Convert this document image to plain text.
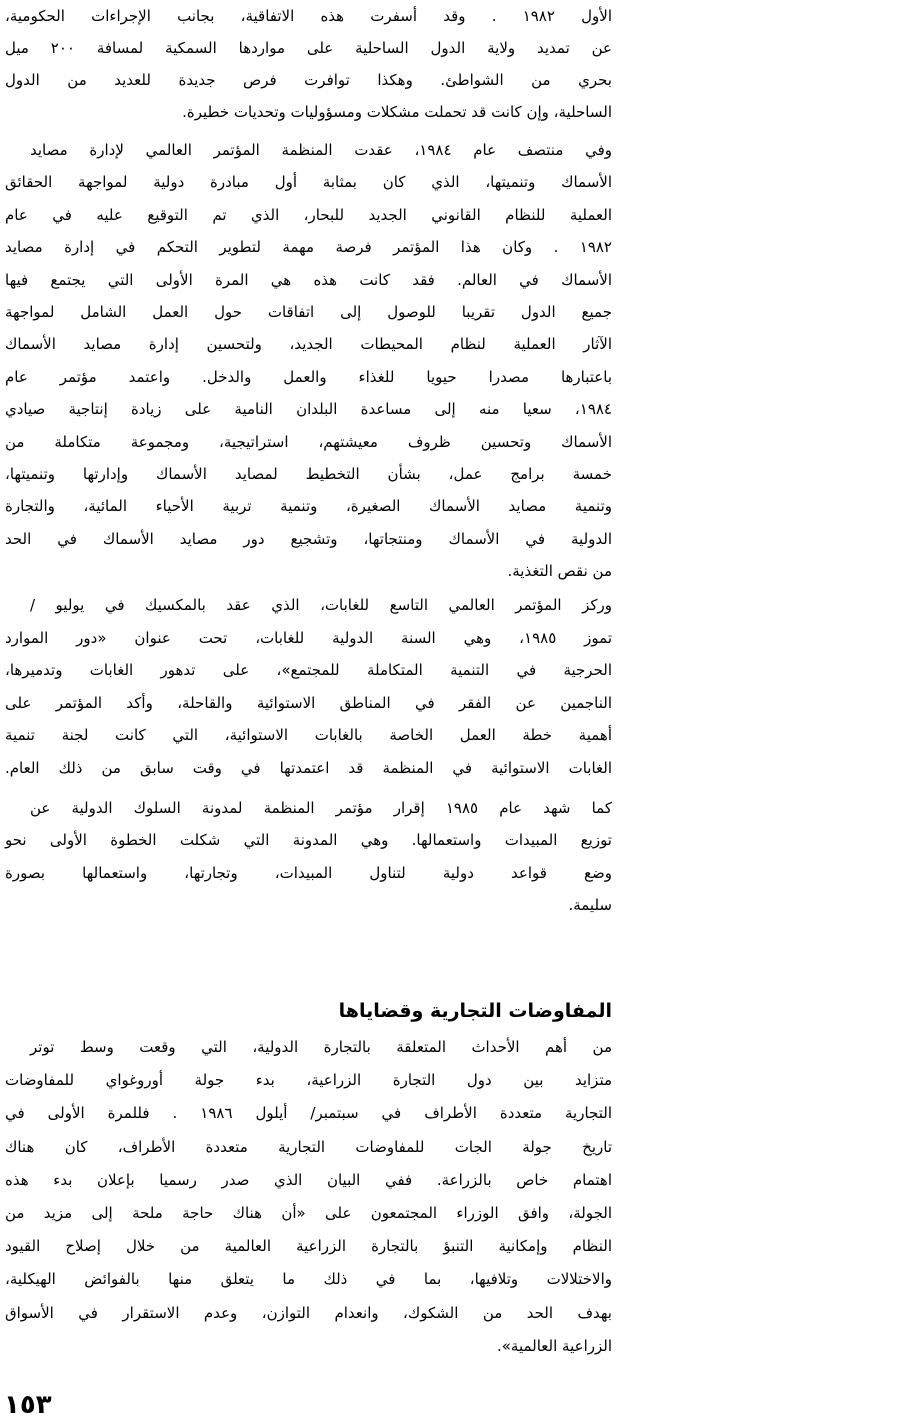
الأول ١٩٨٢ . وقد أسفرت هذه الاتفاقية، بجانب الإجراءات الحكومية،
عن تمديد ولاية الدول الساحلية على مواردها السمكية لمسافة ٢٠٠ ميل
بحري من الشواطئ. وهكذا توافرت فرص جديدة للعديد من الدول
الساحلية، وإن كانت قد تحملت مشكلات ومسؤوليات وتحديات خطيرة.
وفي منتصف عام ١٩٨٤، عقدت المنظمة المؤتمر العالمي لإدارة مصايد
الأسماك وتنميتها، الذي كان بمثابة أول مبادرة دولية لمواجهة الحقائق
العملية للنظام القانوني الجديد للبحار، الذي تم التوقيع عليه في عام
١٩٨٢ . وكان هذا المؤتمر فرصة مهمة لتطوير التحكم في إدارة مصايد
الأسماك في العالم. فقد كانت هذه هي المرة الأولى التي يجتمع فيها
جميع الدول تقريبا للوصول إلى اتفاقات حول العمل الشامل لمواجهة
الآثار العملية لنظام المحيطات الجديد، ولتحسين إدارة مصايد الأسماك
باعتبارها مصدرا حيويا للغذاء والعمل والدخل. واعتمد مؤتمر عام
١٩٨٤، سعيا منه إلى مساعدة البلدان النامية على زيادة إنتاجية صيادي
الأسماك وتحسين ظروف معيشتهم، استراتيجية، ومجموعة متكاملة من
خمسة برامج عمل، بشأن التخطيط لمصايد الأسماك وإدارتها وتنميتها،
وتنمية مصايد الأسماك الصغيرة، وتنمية تربية الأحياء المائية، والتجارة
الدولية في الأسماك ومنتجاتها، وتشجيع دور مصايد الأسماك في الحد
من نقص التغذية.
وركز المؤتمر العالمي التاسع للغابات، الذي عقد بالمكسيك في يوليو /
تموز ١٩٨٥، وهي السنة الدولية للغابات، تحت عنوان «دور الموارد
الحرجية في التنمية المتكاملة للمجتمع»، على تدهور الغابات وتدميرها،
الناجمين عن الفقر في المناطق الاستوائية والقاحلة، وأكد المؤتمر على
أهمية خطة العمل الخاصة بالغابات الاستوائية، التي كانت لجنة تنمية
الغابات الاستوائية في المنظمة قد اعتمدتها في وقت سابق من ذلك العام.
كما شهد عام ١٩٨٥ إقرار مؤتمر المنظمة لمدونة السلوك الدولية عن
توزيع المبيدات واستعمالها. وهي المدونة التي شكلت الخطوة الأولى نحو
وضع قواعد دولية لتناول المبيدات، وتجارتها، واستعمالها بصورة
سليمة.
من أهم الأحداث المتعلقة بالتجارة الدولية، التي وقعت وسط توتر
متزايد بين دول التجارة الزراعية، بدء جولة أوروغواي للمفاوضات
التجارية متعددة الأطراف في سبتمبر/ أيلول ١٩٨٦ . فللمرة الأولى في
تاريخ جولة الجات للمفاوضات التجارية متعددة الأطراف، كان هناك
اهتمام خاص بالزراعة. ففي البيان الذي صدر رسميا بإعلان بدء هذه
الجولة، وافق الوزراء المجتمعون على «أن هناك حاجة ملحة إلى مزيد من
النظام وإمكانية التنبؤ بالتجارة الزراعية العالمية من خلال إصلاح القيود
والاختلالات وتلافيها، بما في ذلك ما يتعلق منها بالفوائض الهيكلية،
بهدف الحد من الشكوك، وانعدام التوازن، وعدم الاستقرار في الأسواق
الزراعية العالمية».
المفاوضات التجارية وقضاياها
١٥٣
